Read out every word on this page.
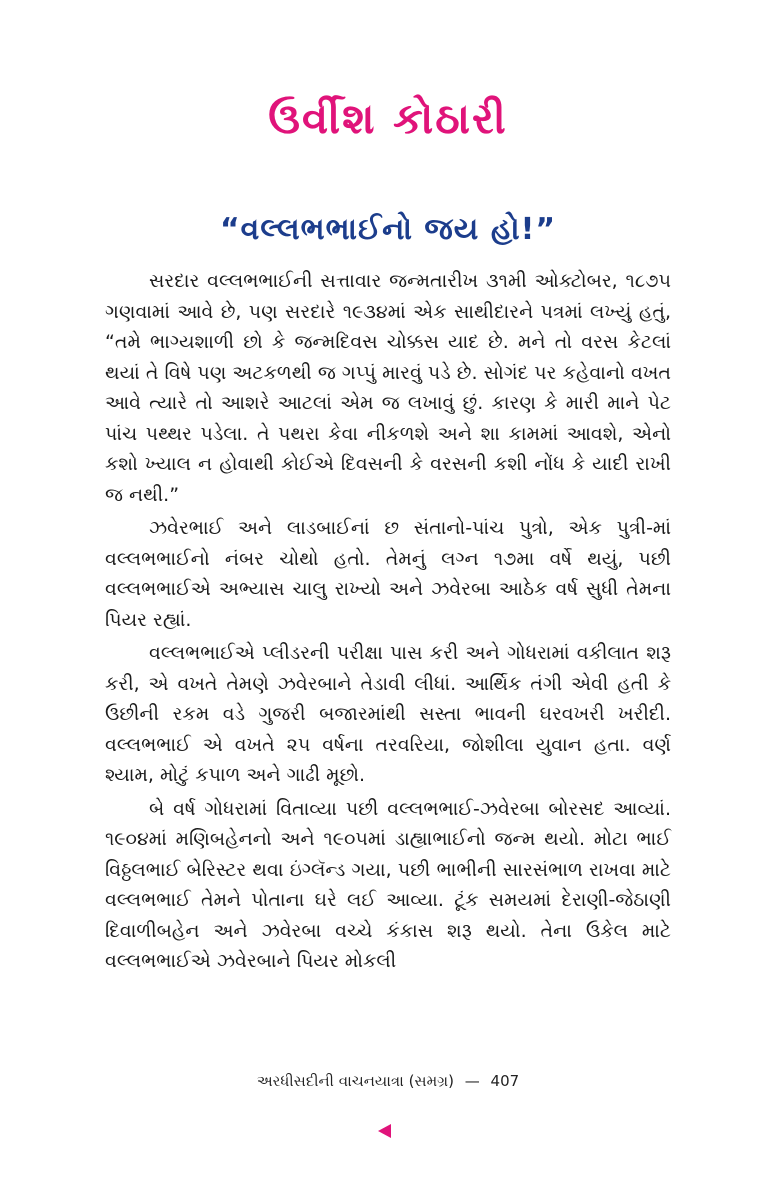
ઉર્વીશ કોઠારી
“વલ્લભભાઈનો જય હો!”

સરદાર વલ્લભભાઈની સત્તાવાર જન્મતારીખ ૩૧મી ઓક્ટોબર, ૧૮૭૫ ગણવામાં આવે છે, પણ સરદારે ૧૯૩૪માં એક સાથીદારને પત્રમાં લખ્યું હતું, “તમે ભાગ્યશાળી છો કે જન્મદિવસ ચોક્કસ યાદ છે. મને તો વરસ કેટલાં થયાં તે વિષે પણ અટકળથી જ ગપ્પું મારવું પડે છે. સોગંદ પર કહેવાનો વખત આવે ત્યારે તો આશરે આટલાં એમ જ લખાવું છું. કારણ કે મારી માને પેટ પાંચ પથ્થર પડેલા. તે પથરા કેવા નીકળશે અને શા કામમાં આવશે, એનો કશો ખ્યાલ ન હોવાથી કોઈએ દિવસની કે વરસની કશી નોંધ કે યાદી રાખી જ નથી.”

ઝવેરભાઈ અને લાડબાઈનાં છ સંતાનો-પાંચ પુત્રો, એક પુત્રી-માં વલ્લભભાઈનો નંબર ચોથો હતો. તેમનું લગ્ન ૧૭મા વર્ષે થયું, પછી વલ્લભભાઈએ અભ્યાસ ચાલુ રાખ્યો અને ઝવેરબા આઠેક વર્ષ સુધી તેમના પિયર રહ્યાં.

વલ્લભભાઈએ પ્લીડરની પરીક્ષા પાસ કરી અને ગોધરામાં વકીલાત શરૂ કરી, એ વખતે તેમણે ઝવેરબાને તેડાવી લીધાં. આર્થિક તંગી એવી હતી કે ઉછીની રકમ વડે ગુજરી બજારમાંથી સસ્તા ભાવની ઘરવખરી ખરીદી. વલ્લભભાઈ એ વખતે ૨૫ વર્ષના તરવરિયા, જોશીલા યુવાન હતા. વર્ણ શ્યામ, મોટું કપાળ અને ગાઢી મૂછો.

બે વર્ષ ગોધરામાં વિતાવ્યા પછી વલ્લભભાઈ-ઝવેરબા બોરસદ આવ્યાં. ૧૯૦૪માં મણિબહેનનો અને ૧૯૦૫માં ડાહ્યાભાઈનો જન્મ થયો. મોટા ભાઈ વિઠ્ઠલભાઈ બેરિસ્ટર થવા ઇંગ્લૅન્ડ ગયા, પછી ભાભીની સારસંભાળ રાખવા માટે વલ્લભભાઈ તેમને પોતાના ઘરે લઈ આવ્યા. ટૂંક સમયમાં દેરાણી-જેઠાણી દિવાળીબહેન અને ઝવેરબા વચ્ચે કંકાસ શરૂ થયો. તેના ઉકેલ માટે વલ્લભભાઈએ ઝવેરબાને પિયર મોકલી

અરધીસદીની વાચનયાત્રા (સમગ્ર) — 407
